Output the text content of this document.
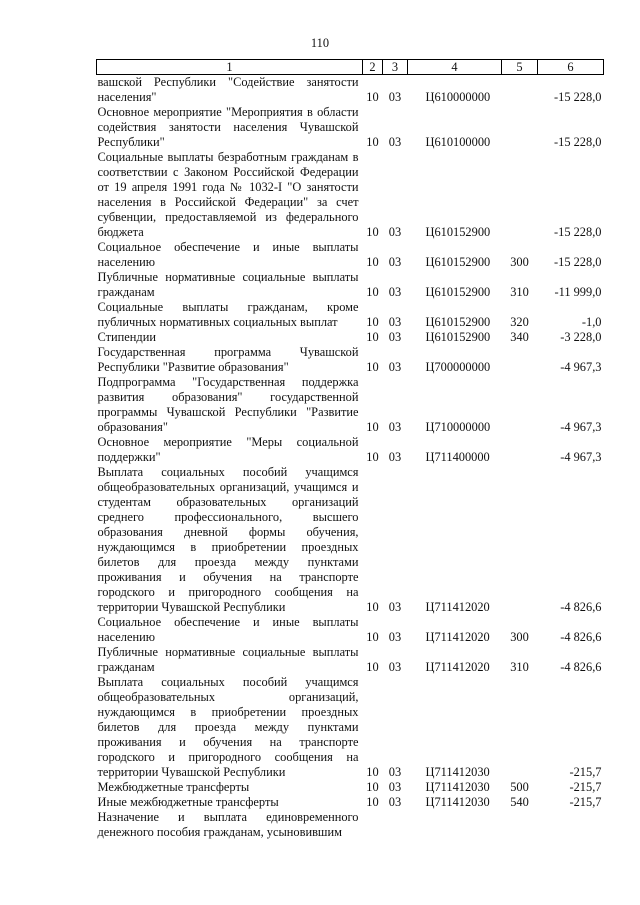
110
1	2	3	4	5	6
вашской Республики "Содействие занятости населения"	10	03	Ц610000000		-15 228,0
Основное мероприятие "Мероприятия в области содействия занятости населения Чувашской Республики"	10	03	Ц610100000		-15 228,0
Социальные выплаты безработным гражданам в соответствии с Законом Российской Федерации от 19 апреля 1991 года № 1032-I "О занятости населения в Российской Федерации" за счет субвенции, предоставляемой из федерального бюджета	10	03	Ц610152900		-15 228,0
Социальное обеспечение и иные выплаты населению	10	03	Ц610152900	300	-15 228,0
Публичные нормативные социальные выплаты гражданам	10	03	Ц610152900	310	-11 999,0
Социальные выплаты гражданам, кроме публичных нормативных социальных выплат	10	03	Ц610152900	320	-1,0
Стипендии	10	03	Ц610152900	340	-3 228,0
Государственная программа Чувашской Республики "Развитие образования"	10	03	Ц700000000		-4 967,3
Подпрограмма "Государственная поддержка развития образования" государственной программы Чувашской Республики "Развитие образования"	10	03	Ц710000000		-4 967,3
Основное мероприятие "Меры социальной поддержки"	10	03	Ц711400000		-4 967,3
Выплата социальных пособий учащимся общеобразовательных организаций, учащимся и студентам образовательных организаций среднего профессионального, высшего образования дневной формы обучения, нуждающимся в приобретении проездных билетов для проезда между пунктами проживания и обучения на транспорте городского и пригородного сообщения на территории Чувашской Республики	10	03	Ц711412020		-4 826,6
Социальное обеспечение и иные выплаты населению	10	03	Ц711412020	300	-4 826,6
Публичные нормативные социальные выплаты гражданам	10	03	Ц711412020	310	-4 826,6
Выплата социальных пособий учащимся общеобразовательных организаций, нуждающимся в приобретении проездных билетов для проезда между пунктами проживания и обучения на транспорте городского и пригородного сообщения на территории Чувашской Республики	10	03	Ц711412030		-215,7
Межбюджетные трансферты	10	03	Ц711412030	500	-215,7
Иные межбюджетные трансферты	10	03	Ц711412030	540	-215,7
Назначение и выплата единовременного денежного пособия гражданам, усыновившим					
